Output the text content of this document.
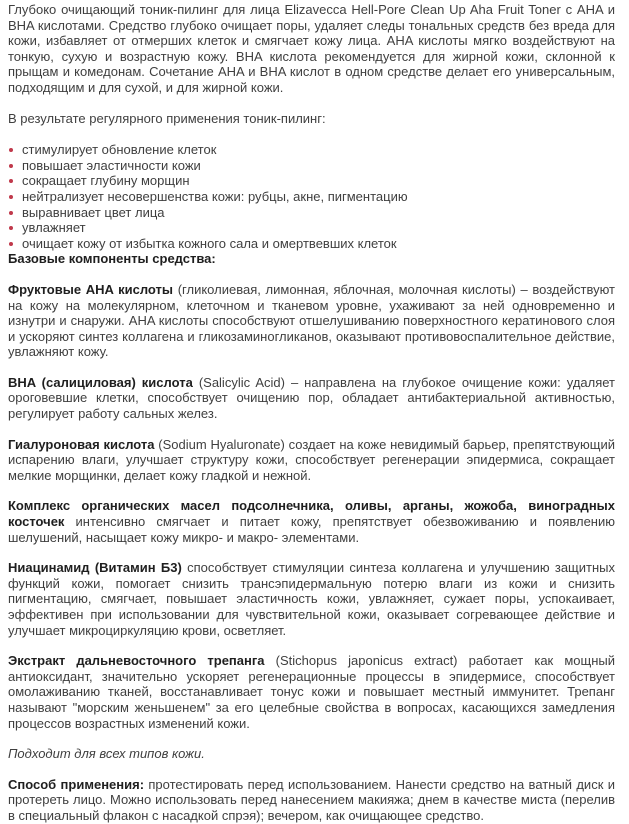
Глубоко очищающий тоник-пилинг для лица Elizavecca Hell-Pore Clean Up Aha Fruit Toner с AHA и BHA кислотами. Средство глубоко очищает поры, удаляет следы тональных средств без вреда для кожи, избавляет от отмерших клеток и смягчает кожу лица. AHA кислоты мягко воздействуют на тонкую, сухую и возрастную кожу. BHA кислота рекомендуется для жирной кожи, склонной к прыщам и комедонам. Сочетание AHA и BHA кислот в одном средстве делает его универсальным, подходящим и для сухой, и для жирной кожи.

В результате регулярного применения тоник-пилинг:

стимулирует обновление клеток
повышает эластичности кожи
сокращает глубину морщин
нейтрализует несовершенства кожи: рубцы, акне, пигментацию
выравнивает цвет лица
увлажняет
очищает кожу от избытка кожного сала и омертвевших клеток

Базовые компоненты средства:

Фруктовые AHA кислоты (гликолиевая, лимонная, яблочная, молочная кислоты) – воздействуют на кожу на молекулярном, клеточном и тканевом уровне, ухаживают за ней одновременно и изнутри и снаружи. AHA кислоты способствуют отшелушиванию поверхностного кератинового слоя и ускоряют синтез коллагена и гликозаминогликанов, оказывают противовоспалительное действие, увлажняют кожу.

BHA (салициловая) кислота (Salicylic Acid) – направлена на глубокое очищение кожи: удаляет ороговевшие клетки, способствует очищению пор, обладает антибактериальной активностью, регулирует работу сальных желез.

Гиалуроновая кислота (Sodium Hyaluronate) создает на коже невидимый барьер, препятствующий испарению влаги, улучшает структуру кожи, способствует регенерации эпидермиса, сокращает мелкие морщинки, делает кожу гладкой и нежной.

Комплекс органических масел подсолнечника, оливы, арганы, жожоба, виноградных косточек интенсивно смягчает и питает кожу, препятствует обезвоживанию и появлению шелушений, насыщает кожу микро- и макро- элементами.

Ниацинамид (Витамин Б3) способствует стимуляции синтеза коллагена и улучшению защитных функций кожи, помогает снизить трансэпидермальную потерю влаги из кожи и снизить пигментацию, смягчает, повышает эластичность кожи, увлажняет, сужает поры, успокаивает, эффективен при использовании для чувствительной кожи, оказывает согревающее действие и улучшает микроциркуляцию крови, осветляет.

Экстракт дальневосточного трепанга (Stichopus japonicus extract) работает как мощный антиоксидант, значительно ускоряет регенерационные процессы в эпидермисе, способствует омолаживанию тканей, восстанавливает тонус кожи и повышает местный иммунитет. Трепанг называют "морским женьшенем" за его целебные свойства в вопросах, касающихся замедления процессов возрастных изменений кожи.

Подходит для всех типов кожи.

Способ применения: протестировать перед использованием. Нанести средство на ватный диск и протереть лицо. Можно использовать перед нанесением макияжа; днем в качестве миста (перелив в специальный флакон с насадкой спрэя); вечером, как очищающее средство.
